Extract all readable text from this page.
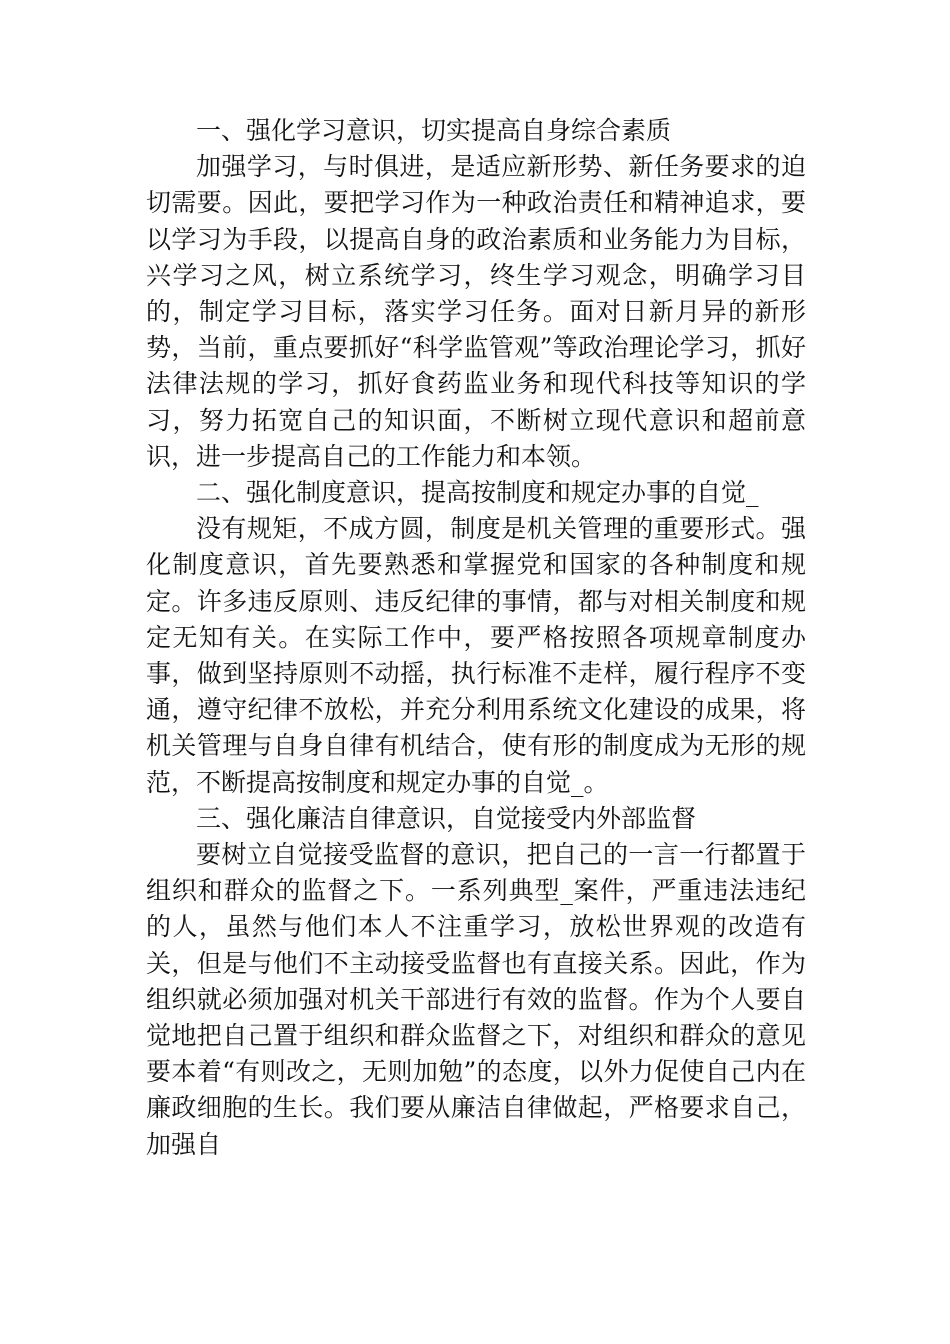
一、强化学习意识，切实提高自身综合素质

加强学习，与时俱进，是适应新形势、新任务要求的迫切需要。因此，要把学习作为一种政治责任和精神追求，要以学习为手段，以提高自身的政治素质和业务能力为目标，兴学习之风，树立系统学习，终生学习观念，明确学习目的，制定学习目标，落实学习任务。面对日新月异的新形势，当前，重点要抓好“科学监管观”等政治理论学习，抓好法律法规的学习，抓好食药监业务和现代科技等知识的学习，努力拓宽自己的知识面，不断树立现代意识和超前意识，进一步提高自己的工作能力和本领。

二、强化制度意识，提高按制度和规定办事的自觉_

没有规矩，不成方圆，制度是机关管理的重要形式。强化制度意识，首先要熟悉和掌握党和国家的各种制度和规定。许多违反原则、违反纪律的事情，都与对相关制度和规定无知有关。在实际工作中，要严格按照各项规章制度办事，做到坚持原则不动摇，执行标准不走样，履行程序不变通，遵守纪律不放松，并充分利用系统文化建设的成果，将机关管理与自身自律有机结合，使有形的制度成为无形的规范，不断提高按制度和规定办事的自觉_。

三、强化廉洁自律意识，自觉接受内外部监督

要树立自觉接受监督的意识，把自己的一言一行都置于组织和群众的监督之下。一系列典型_案件，严重违法违纪的人，虽然与他们本人不注重学习，放松世界观的改造有关，但是与他们不主动接受监督也有直接关系。因此，作为组织就必须加强对机关干部进行有效的监督。作为个人要自觉地把自己置于组织和群众监督之下，对组织和群众的意见要本着“有则改之，无则加勉”的态度，以外力促使自己内在廉政细胞的生长。我们要从廉洁自律做起，严格要求自己，加强自
